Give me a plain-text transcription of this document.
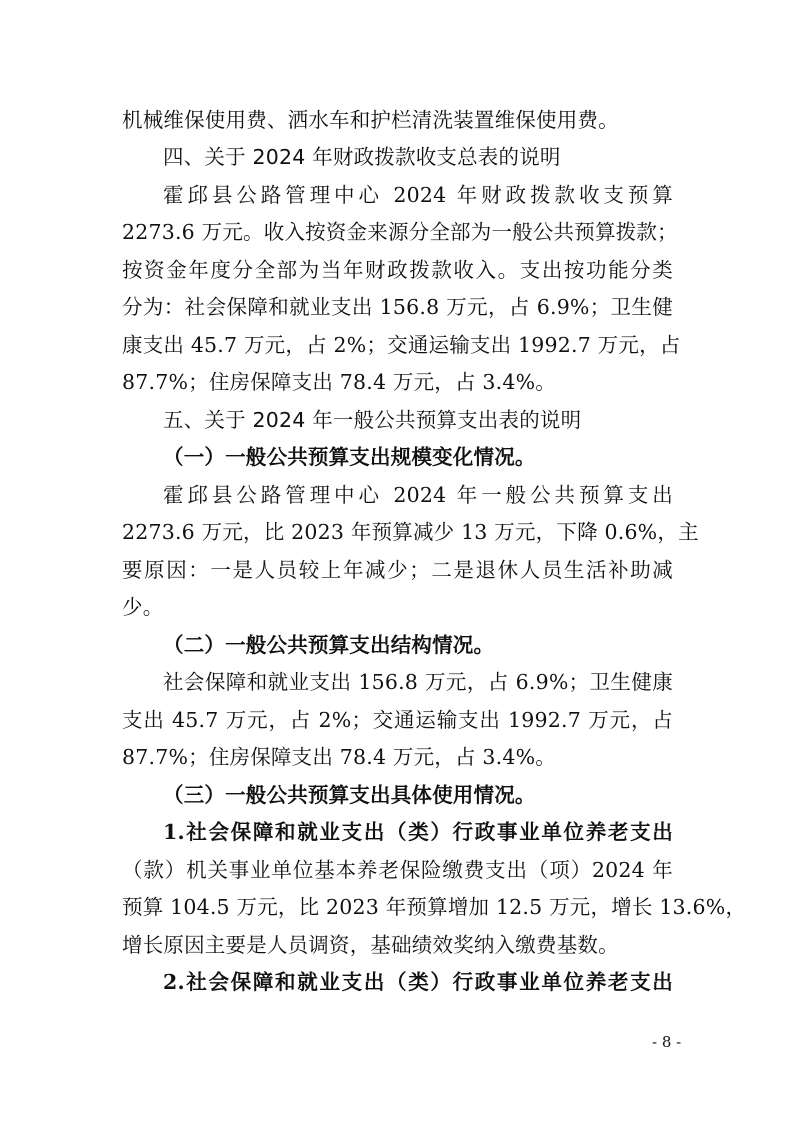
机械维保使用费、洒水车和护栏清洗装置维保使用费。
四、关于 2024 年财政拨款收支总表的说明
霍邱县公路管理中心 2024 年财政拨款收支预算
2273.6 万元。收入按资金来源分全部为一般公共预算拨款；
按资金年度分全部为当年财政拨款收入。支出按功能分类
分为：社会保障和就业支出 156.8 万元，占 6.9%；卫生健
康支出 45.7 万元，占 2%；交通运输支出 1992.7 万元，占
87.7%；住房保障支出 78.4 万元，占 3.4%。
五、关于 2024 年一般公共预算支出表的说明
（一）一般公共预算支出规模变化情况。
霍邱县公路管理中心 2024 年一般公共预算支出
2273.6 万元，比 2023 年预算减少 13 万元，下降 0.6%，主
要原因：一是人员较上年减少；二是退休人员生活补助减
少。
（二）一般公共预算支出结构情况。
社会保障和就业支出 156.8 万元，占 6.9%；卫生健康
支出 45.7 万元，占 2%；交通运输支出 1992.7 万元，占
87.7%；住房保障支出 78.4 万元，占 3.4%。
（三）一般公共预算支出具体使用情况。
1.社会保障和就业支出（类）行政事业单位养老支出
（款）机关事业单位基本养老保险缴费支出（项）2024 年
预算 104.5 万元，比 2023 年预算增加 12.5 万元，增长 13.6%，
增长原因主要是人员调资，基础绩效奖纳入缴费基数。
2.社会保障和就业支出（类）行政事业单位养老支出
- 8 -
